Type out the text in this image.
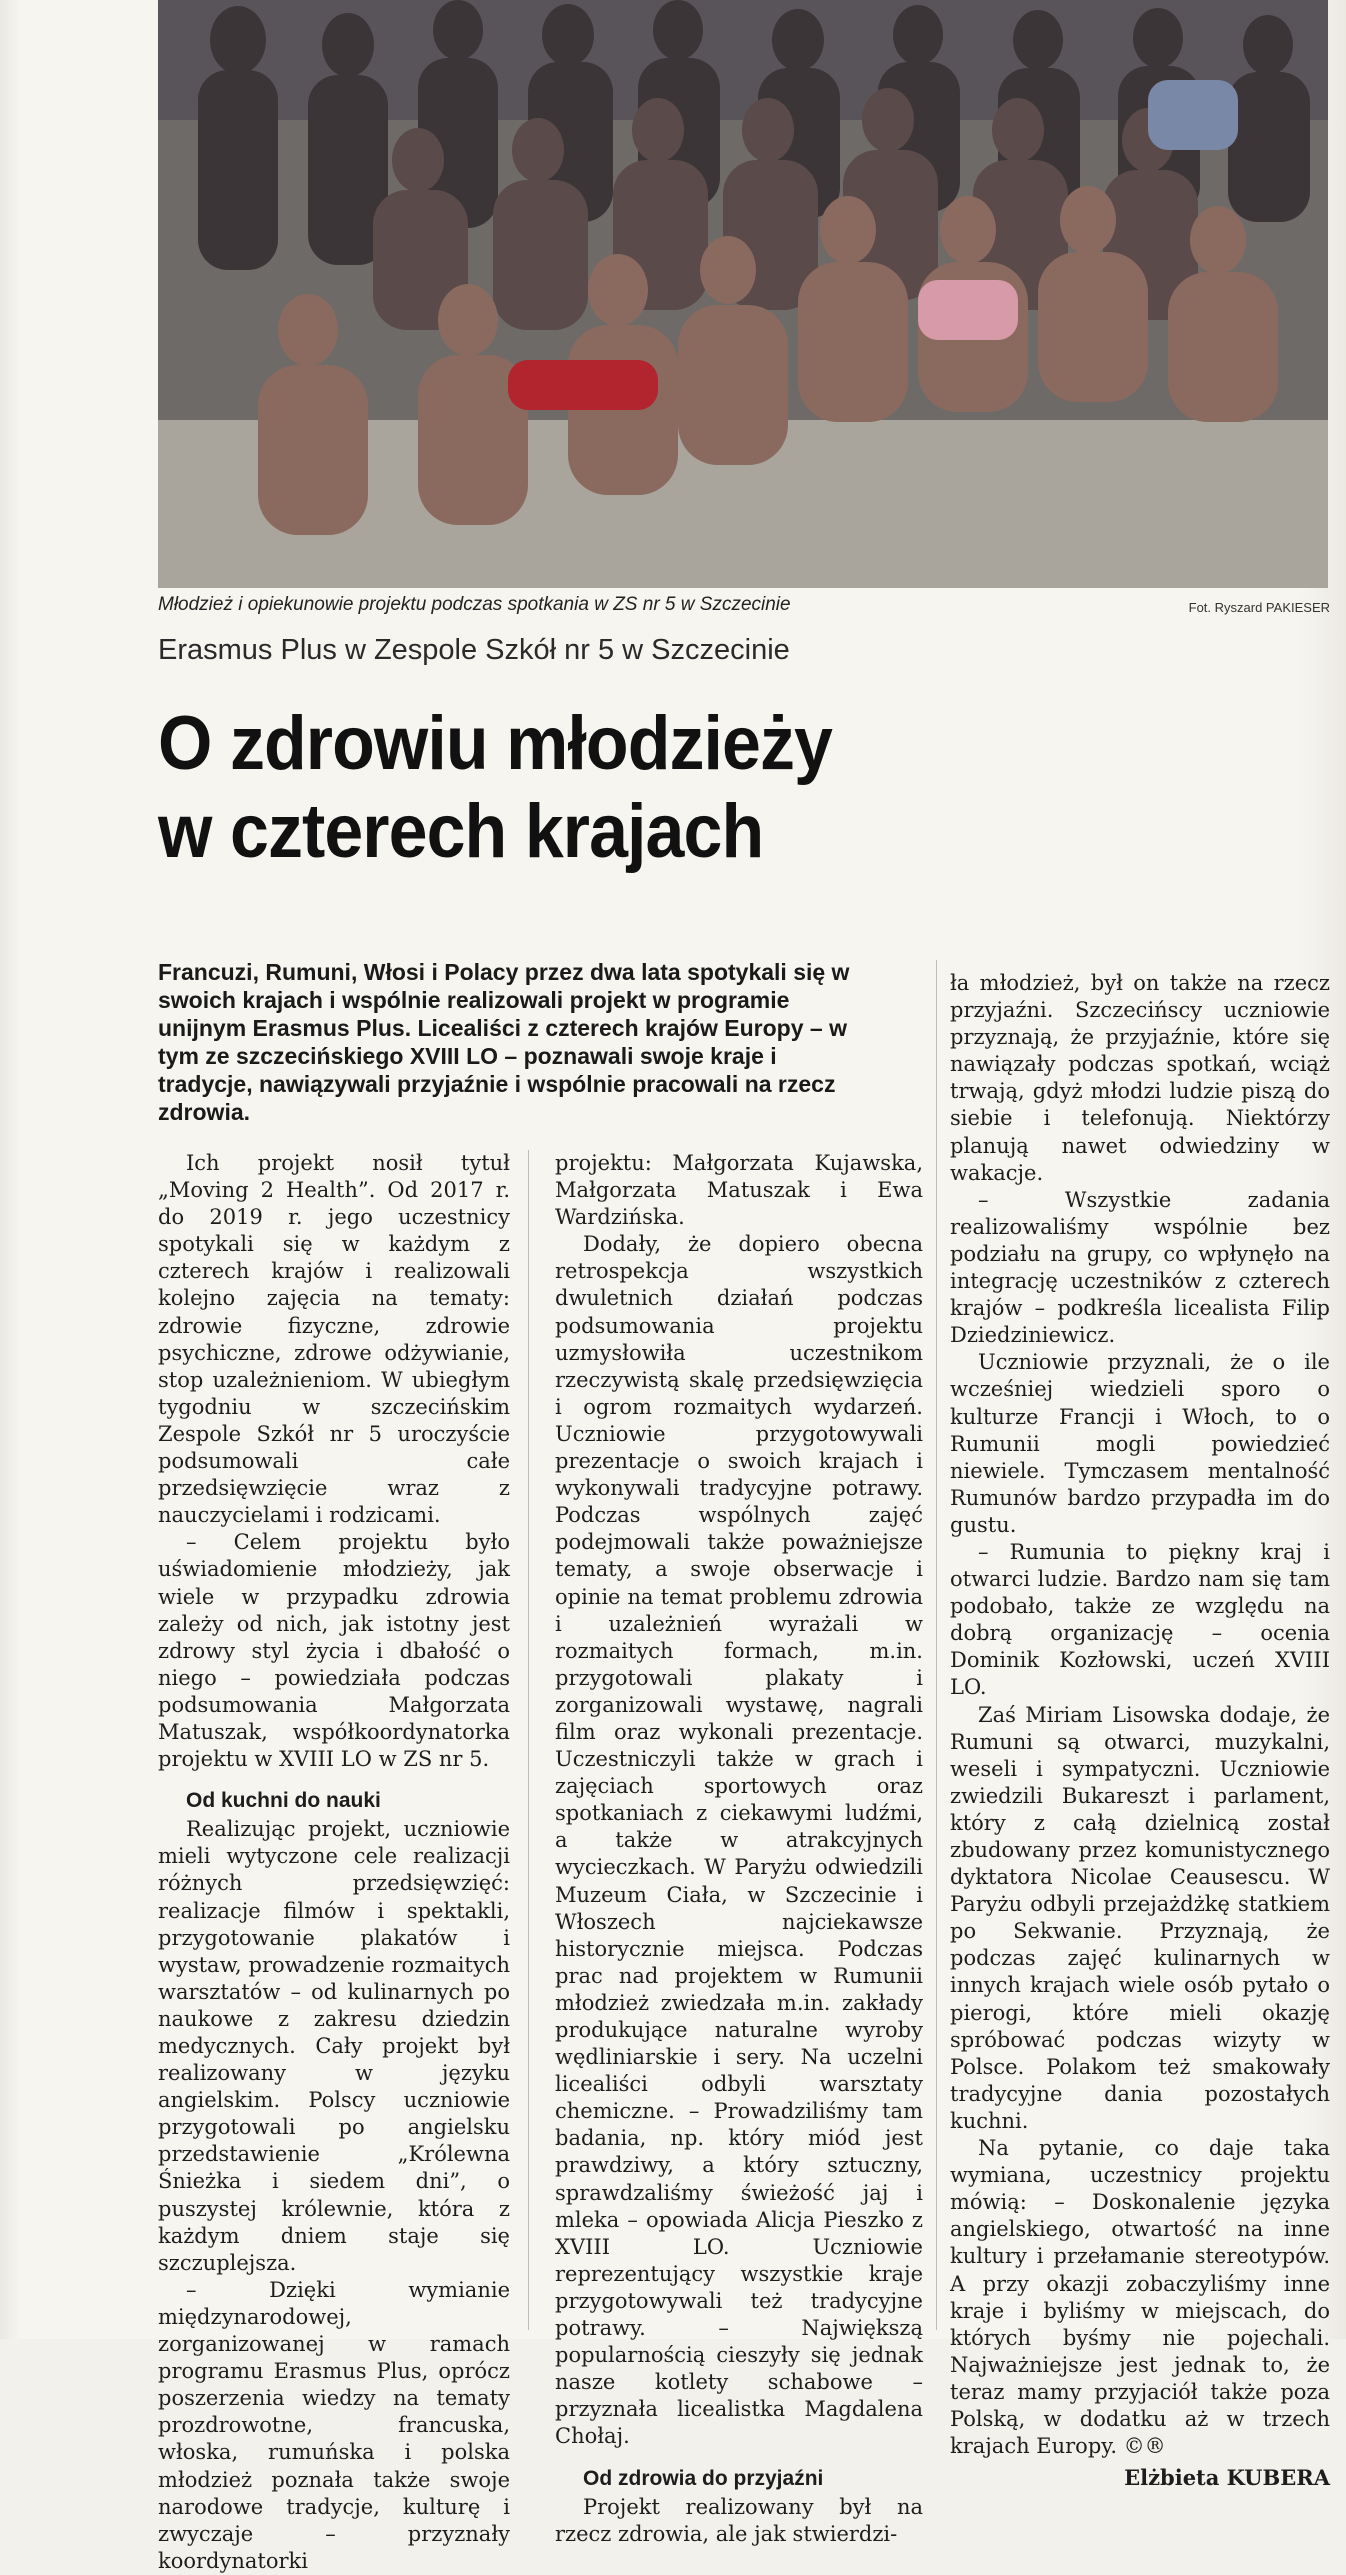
Młodzież i opiekunowie projektu podczas spotkania w ZS nr 5 w Szczecinie	Fot. Ryszard PAKIESER
Erasmus Plus w Zespole Szkół nr 5 w Szczecinie
O zdrowiu młodzieży
w czterech krajach
Francuzi, Rumuni, Włosi i Polacy przez dwa lata spotykali się w swoich krajach i wspólnie realizowali projekt w programie unijnym Erasmus Plus. Licealiści z czterech krajów Europy – w tym ze szczecińskiego XVIII LO – poznawali swoje kraje i tradycje, nawiązywali przyjaźnie i wspólnie pracowali na rzecz zdrowia.

Ich projekt nosił tytuł „Moving 2 Health”. Od 2017 r. do 2019 r. jego uczestnicy spotykali się w każdym z czterech krajów i realizowali kolejno zajęcia na tematy: zdrowie fizyczne, zdrowie psychiczne, zdrowe odżywianie, stop uzależnieniom. W ubiegłym tygodniu w szczecińskim Zespole Szkół nr 5 uroczyście podsumowali całe przedsięwzięcie wraz z nauczycielami i rodzicami.

– Celem projektu było uświadomienie młodzieży, jak wiele w przypadku zdrowia zależy od nich, jak istotny jest zdrowy styl życia i dbałość o niego – powiedziała podczas podsumowania Małgorzata Matuszak, współkoordynatorka projektu w XVIII LO w ZS nr 5.

Od kuchni do nauki

Realizując projekt, uczniowie mieli wytyczone cele realizacji różnych przedsięwzięć: realizacje filmów i spektakli, przygotowanie plakatów i wystaw, prowadzenie rozmaitych warsztatów – od kulinarnych po naukowe z zakresu dziedzin medycznych. Cały projekt był realizowany w języku angielskim. Polscy uczniowie przygotowali po angielsku przedstawienie „Królewna Śnieżka i siedem dni”, o puszystej królewnie, która z każdym dniem staje się szczuplejsza.

– Dzięki wymianie międzynarodowej, zorganizowanej w ramach programu Erasmus Plus, oprócz poszerzenia wiedzy na tematy prozdrowotne, francuska, włoska, rumuńska i polska młodzież poznała także swoje narodowe tradycje, kulturę i zwyczaje – przyznały koordynatorki

projektu: Małgorzata Kujawska, Małgorzata Matuszak i Ewa Wardzińska.

Dodały, że dopiero obecna retrospekcja wszystkich dwuletnich działań podczas podsumowania projektu uzmysłowiła uczestnikom rzeczywistą skalę przedsięwzięcia i ogrom rozmaitych wydarzeń. Uczniowie przygotowywali prezentacje o swoich krajach i wykonywali tradycyjne potrawy. Podczas wspólnych zajęć podejmowali także poważniejsze tematy, a swoje obserwacje i opinie na temat problemu zdrowia i uzależnień wyrażali w rozmaitych formach, m.in. przygotowali plakaty i zorganizowali wystawę, nagrali film oraz wykonali prezentacje. Uczestniczyli także w grach i zajęciach sportowych oraz spotkaniach z ciekawymi ludźmi, a także w atrakcyjnych wycieczkach. W Paryżu odwiedzili Muzeum Ciała, w Szczecinie i Włoszech najciekawsze historycznie miejsca. Podczas prac nad projektem w Rumunii młodzież zwiedzała m.in. zakłady produkujące naturalne wyroby wędliniarskie i sery. Na uczelni licealiści odbyli warsztaty chemiczne. – Prowadziliśmy tam badania, np. który miód jest prawdziwy, a który sztuczny, sprawdzaliśmy świeżość jaj i mleka – opowiada Alicja Pieszko z XVIII LO. Uczniowie reprezentujący wszystkie kraje przygotowywali też tradycyjne potrawy. – Największą popularnością cieszyły się jednak nasze kotlety schabowe – przyznała licealistka Magdalena Chołaj.

Od zdrowia do przyjaźni

Projekt realizowany był na rzecz zdrowia, ale jak stwierdzi-

ła młodzież, był on także na rzecz przyjaźni. Szczecińscy uczniowie przyznają, że przyjaźnie, które się nawiązały podczas spotkań, wciąż trwają, gdyż młodzi ludzie piszą do siebie i telefonują. Niektórzy planują nawet odwiedziny w wakacje.

– Wszystkie zadania realizowaliśmy wspólnie bez podziału na grupy, co wpłynęło na integrację uczestników z czterech krajów – podkreśla licealista Filip Dziedziniewicz.

Uczniowie przyznali, że o ile wcześniej wiedzieli sporo o kulturze Francji i Włoch, to o Rumunii mogli powiedzieć niewiele. Tymczasem mentalność Rumunów bardzo przypadła im do gustu.

– Rumunia to piękny kraj i otwarci ludzie. Bardzo nam się tam podobało, także ze względu na dobrą organizację – ocenia Dominik Kozłowski, uczeń XVIII LO.

Zaś Miriam Lisowska dodaje, że Rumuni są otwarci, muzykalni, weseli i sympatyczni. Uczniowie zwiedzili Bukareszt i parlament, który z całą dzielnicą został zbudowany przez komunistycznego dyktatora Nicolae Ceausescu. W Paryżu odbyli przejażdżkę statkiem po Sekwanie. Przyznają, że podczas zajęć kulinarnych w innych krajach wiele osób pytało o pierogi, które mieli okazję spróbować podczas wizyty w Polsce. Polakom też smakowały tradycyjne dania pozostałych kuchni.

Na pytanie, co daje taka wymiana, uczestnicy projektu mówią: – Doskonalenie języka angielskiego, otwartość na inne kultury i przełamanie stereotypów. A przy okazji zobaczyliśmy inne kraje i byliśmy w miejscach, do których byśmy nie pojechali. Najważniejsze jest jednak to, że teraz mamy przyjaciół także poza Polską, w dodatku aż w trzech krajach Europy. ©®

Elżbieta KUBERA
